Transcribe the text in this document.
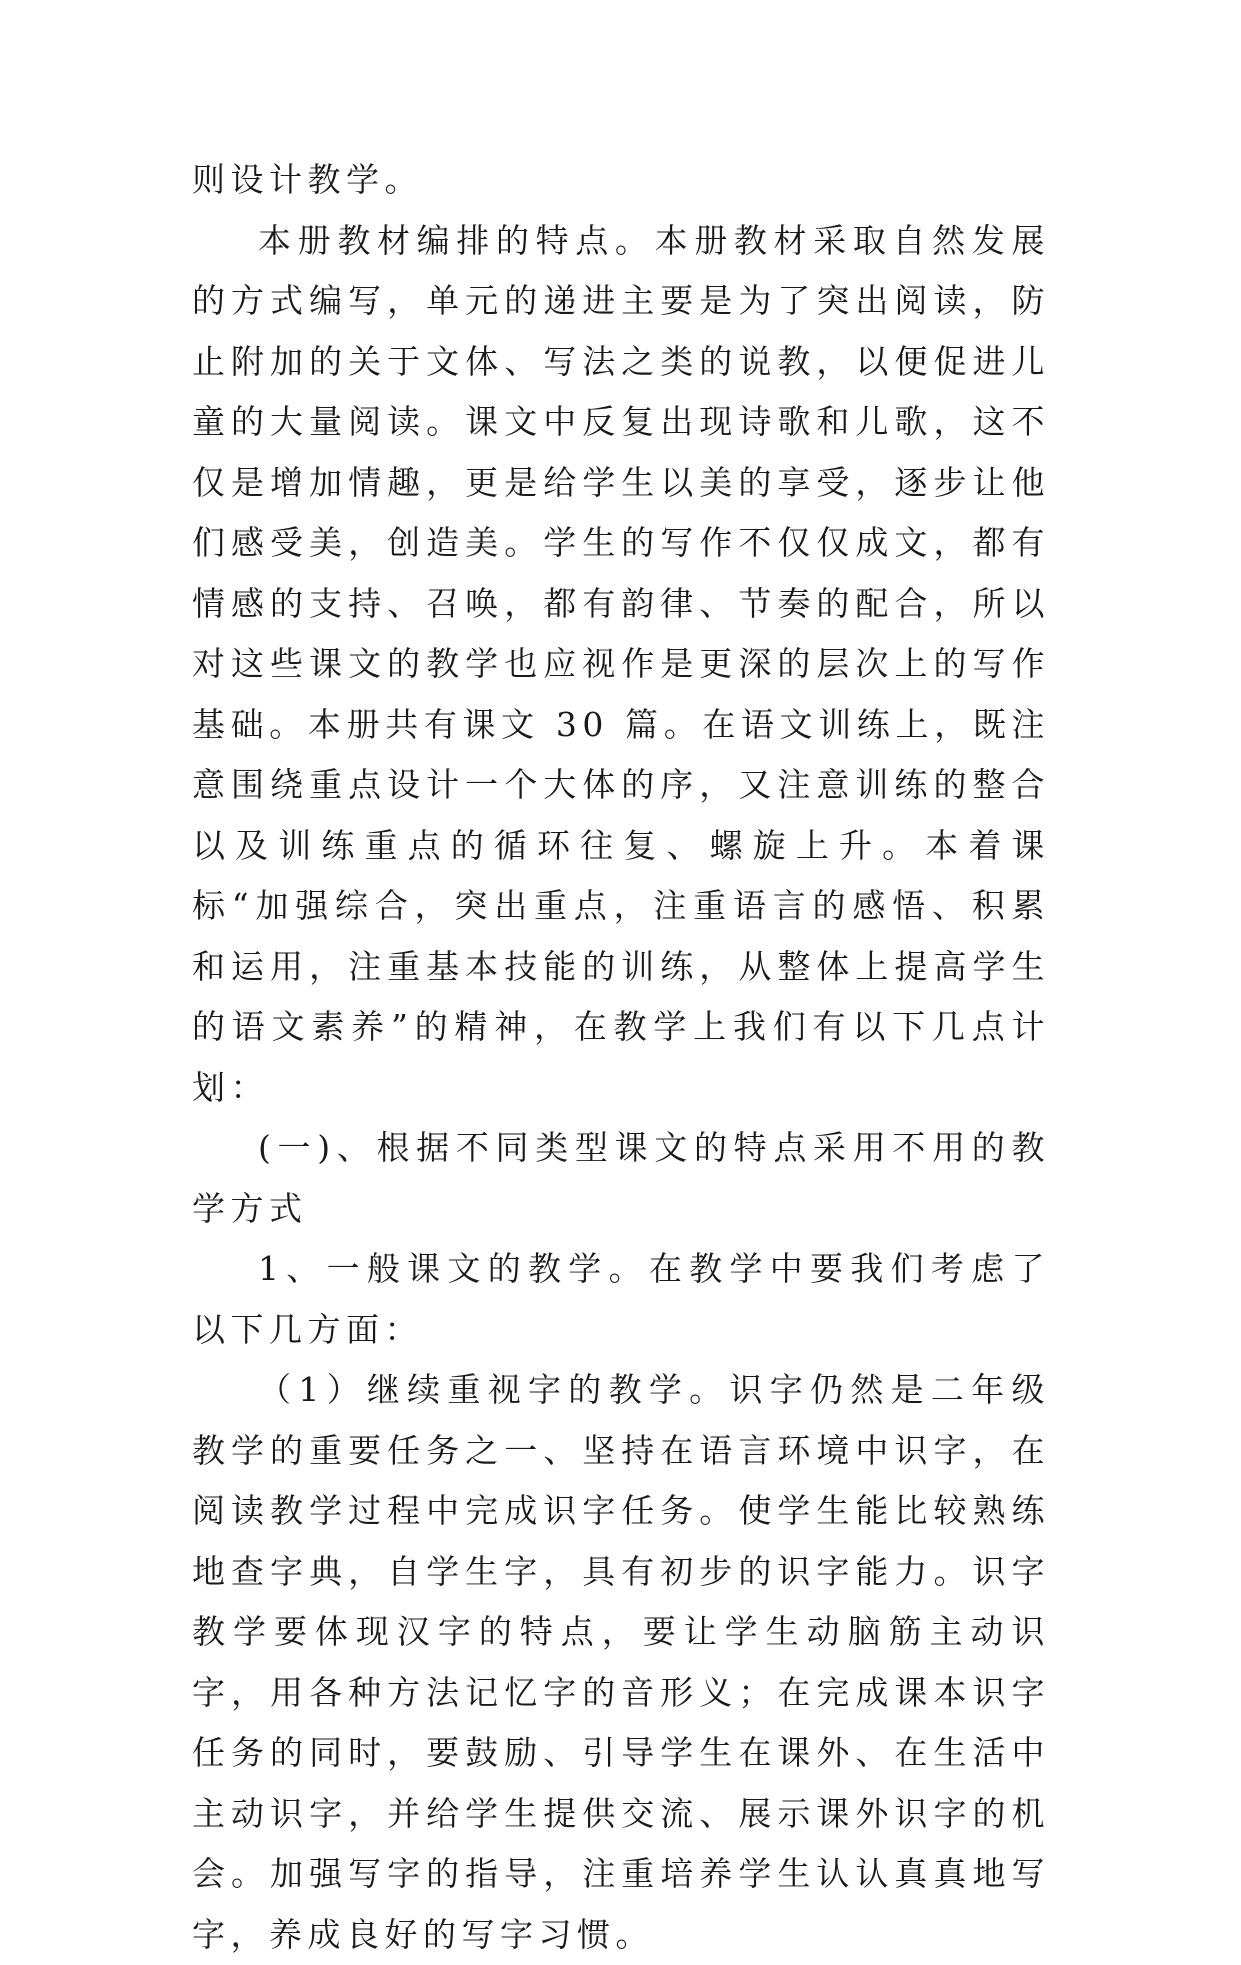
则设计教学。

本册教材编排的特点。本册教材采取自然发展的方式编写，单元的递进主要是为了突出阅读，防止附加的关于文体、写法之类的说教，以便促进儿童的大量阅读。课文中反复出现诗歌和儿歌，这不仅是增加情趣，更是给学生以美的享受，逐步让他们感受美，创造美。学生的写作不仅仅成文，都有情感的支持、召唤，都有韵律、节奏的配合，所以对这些课文的教学也应视作是更深的层次上的写作基础。本册共有课文 30 篇。在语文训练上，既注意围绕重点设计一个大体的序，又注意训练的整合以及训练重点的循环往复、螺旋上升。本着课标“加强综合，突出重点，注重语言的感悟、积累和运用，注重基本技能的训练，从整体上提高学生的语文素养”的精神，在教学上我们有以下几点计划：

(一)、根据不同类型课文的特点采用不用的教学方式

1、一般课文的教学。在教学中要我们考虑了以下几方面：

（1）继续重视字的教学。识字仍然是二年级教学的重要任务之一、坚持在语言环境中识字，在阅读教学过程中完成识字任务。使学生能比较熟练地查字典，自学生字，具有初步的识字能力。识字教学要体现汉字的特点，要让学生动脑筋主动识字，用各种方法记忆字的音形义；在完成课本识字任务的同时，要鼓励、引导学生在课外、在生活中主动识字，并给学生提供交流、展示课外识字的机会。加强写字的指导，注重培养学生认认真真地写字，养成良好的写字习惯。
